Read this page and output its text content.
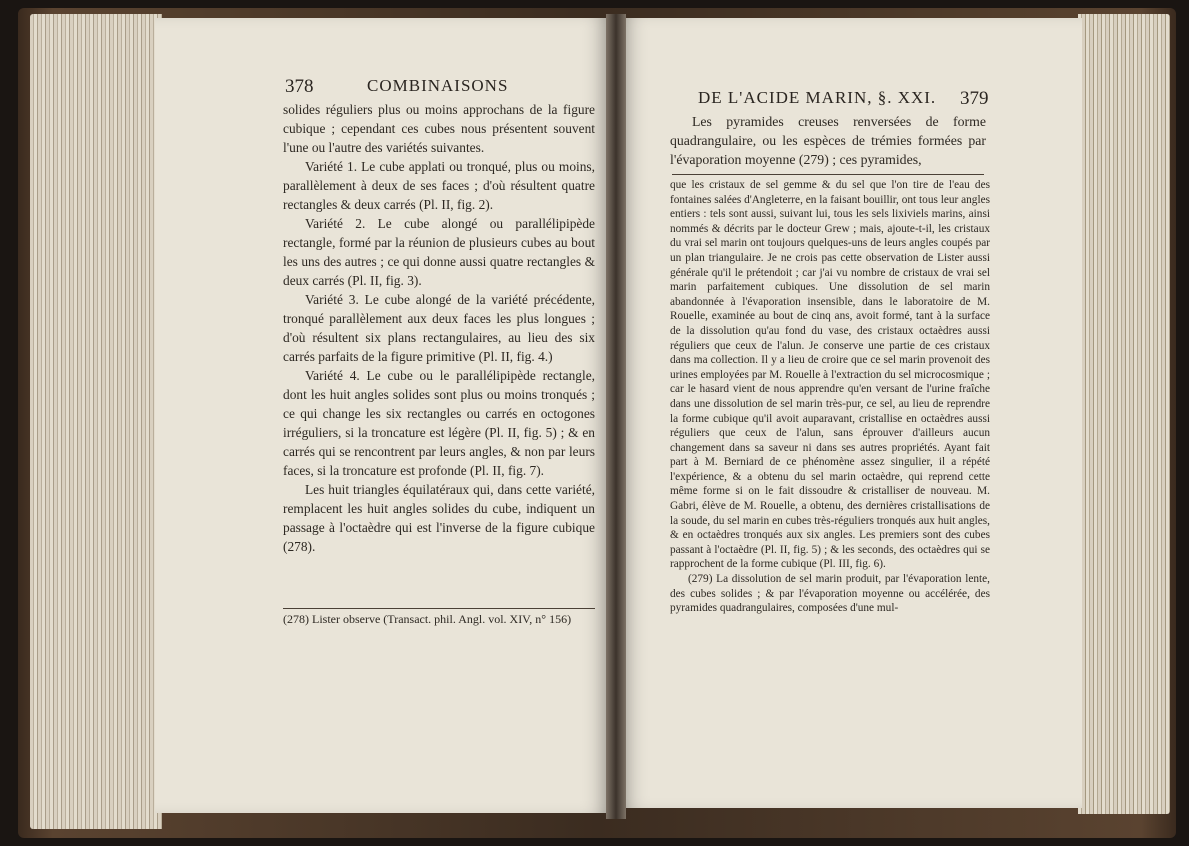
378	COMBINAISONS

solides réguliers plus ou moins approchans de la figure cubique ; cependant ces cubes nous présentent souvent l'une ou l'autre des variétés suivantes.

Variété 1. Le cube applati ou tronqué, plus ou moins, parallèlement à deux de ses faces ; d'où résultent quatre rectangles & deux carrés (Pl. II, fig. 2).

Variété 2. Le cube alongé ou parallélipipède rectangle, formé par la réunion de plusieurs cubes au bout les uns des autres ; ce qui donne aussi quatre rectangles & deux carrés (Pl. II, fig. 3).

Variété 3. Le cube alongé de la variété précédente, tronqué parallèlement aux deux faces les plus longues ; d'où résultent six plans rectangulaires, au lieu des six carrés parfaits de la figure primitive (Pl. II, fig. 4.)

Variété 4. Le cube ou le parallélipipède rectangle, dont les huit angles solides sont plus ou moins tronqués ; ce qui change les six rectangles ou carrés en octogones irréguliers, si la troncature est légère (Pl. II, fig. 5) ; & en carrés qui se rencontrent par leurs angles, & non par leurs faces, si la troncature est profonde (Pl. II, fig. 7).

Les huit triangles équilatéraux qui, dans cette variété, remplacent les huit angles solides du cube, indiquent un passage à l'octaèdre qui est l'inverse de la figure cubique (278).

(278) Lister observe (Transact. phil. Angl. vol. XIV, n° 156)
DE L'ACIDE MARIN, §. XXI. 379

Les pyramides creuses renversées de forme quadrangulaire, ou les espèces de trémies formées par l'évaporation moyenne (279) ; ces pyramides,

que les cristaux de sel gemme & du sel que l'on tire de l'eau des fontaines salées d'Angleterre, en la faisant bouillir, ont tous leur angles entiers : tels sont aussi, suivant lui, tous les sels lixiviels marins, ainsi nommés & décrits par le docteur Grew ; mais, ajoute-t-il, les cristaux du vrai sel marin ont toujours quelques-uns de leurs angles coupés par un plan triangulaire. Je ne crois pas cette observation de Lister aussi générale qu'il le prétendoit ; car j'ai vu nombre de cristaux de vrai sel marin parfaitement cubiques. Une dissolution de sel marin abandonnée à l'évaporation insensible, dans le laboratoire de M. Rouelle, examinée au bout de cinq ans, avoit formé, tant à la surface de la dissolution qu'au fond du vase, des cristaux octaèdres aussi réguliers que ceux de l'alun. Je conserve une partie de ces cristaux dans ma collection. Il y a lieu de croire que ce sel marin provenoit des urines employées par M. Rouelle à l'extraction du sel microcosmique ; car le hasard vient de nous apprendre qu'en versant de l'urine fraîche dans une dissolution de sel marin très-pur, ce sel, au lieu de reprendre la forme cubique qu'il avoit auparavant, cristallise en octaèdres aussi réguliers que ceux de l'alun, sans éprouver d'ailleurs aucun changement dans sa saveur ni dans ses autres propriétés. Ayant fait part à M. Berniard de ce phénomène assez singulier, il a répété l'expérience, & a obtenu du sel marin octaèdre, qui reprend cette même forme si on le fait dissoudre & cristalliser de nouveau. M. Gabri, élève de M. Rouelle, a obtenu, des dernières cristallisations de la soude, du sel marin en cubes très-réguliers tronqués aux huit angles, & en octaèdres tronqués aux six angles. Les premiers sont des cubes passant à l'octaèdre (Pl. II, fig. 5) ; & les seconds, des octaèdres qui se rapprochent de la forme cubique (Pl. III, fig. 6).

(279) La dissolution de sel marin produit, par l'évaporation lente, des cubes solides ; & par l'évaporation moyenne ou accélérée, des pyramides quadrangulaires, composées d'une mul-
